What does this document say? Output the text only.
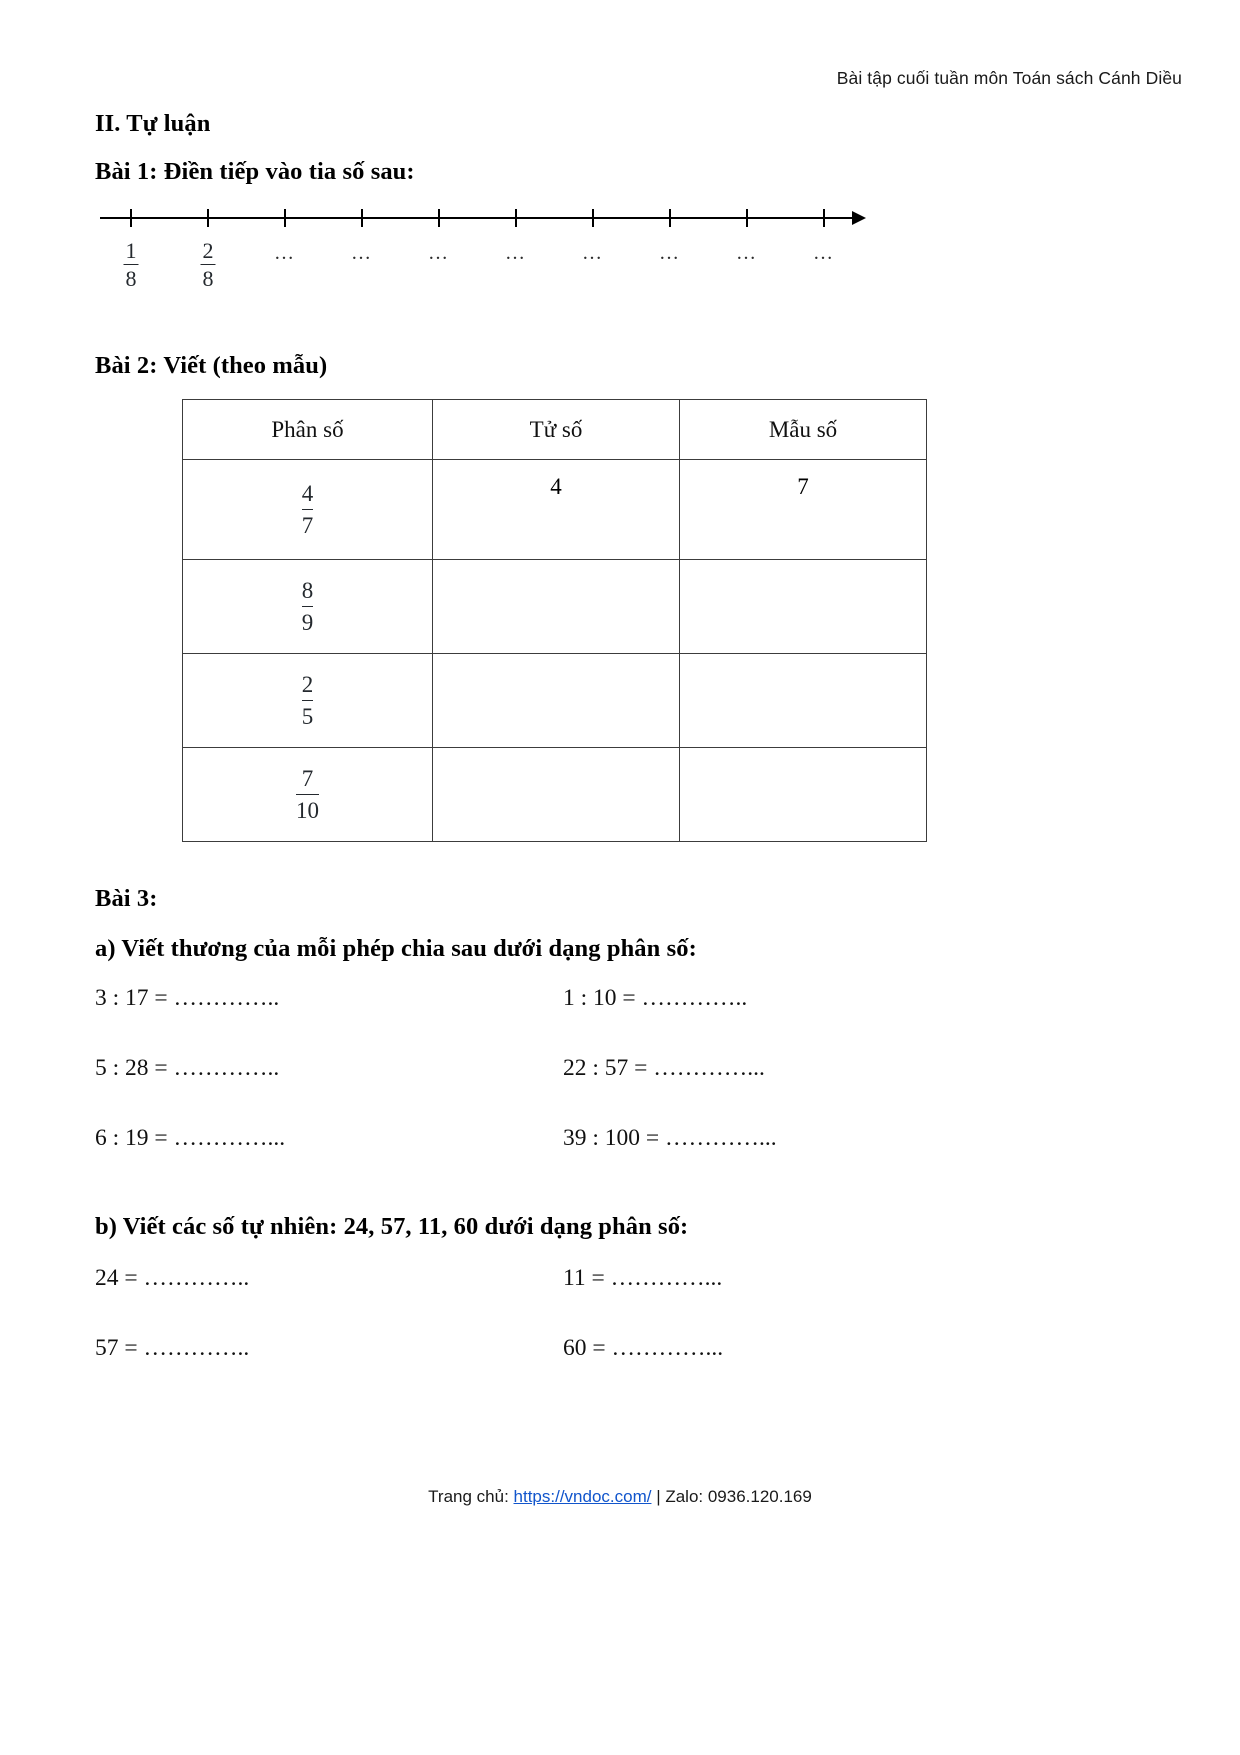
Bài tập cuối tuần môn Toán sách Cánh Diều
II. Tự luận
Bài 1: Điền tiếp vào tia số sau:
$\frac{1}{8}$	$\frac{2}{8}$	…	…	…	…	…	…	…	…
Bài 2: Viết (theo mẫu)
Phân số	Tử số	Mẫu số

$\frac{4}{7}$	4	7

$\frac{8}{9}$

$\frac{2}{5}$

$\frac{7}{10}$

Bài 3:
a) Viết thương của mỗi phép chia sau dưới dạng phân số:
3 : 17 = …………..	1 : 10 = …………..
5 : 28 = …………..	22 : 57 = …………...
6 : 19 = …………...	39 : 100 = …………...
b) Viết các số tự nhiên: 24, 57, 11, 60 dưới dạng phân số:
24 = …………..	11 = …………...
57 = …………..	60 = …………...
Trang chủ: https://vndoc.com/ | Zalo: 0936.120.169
